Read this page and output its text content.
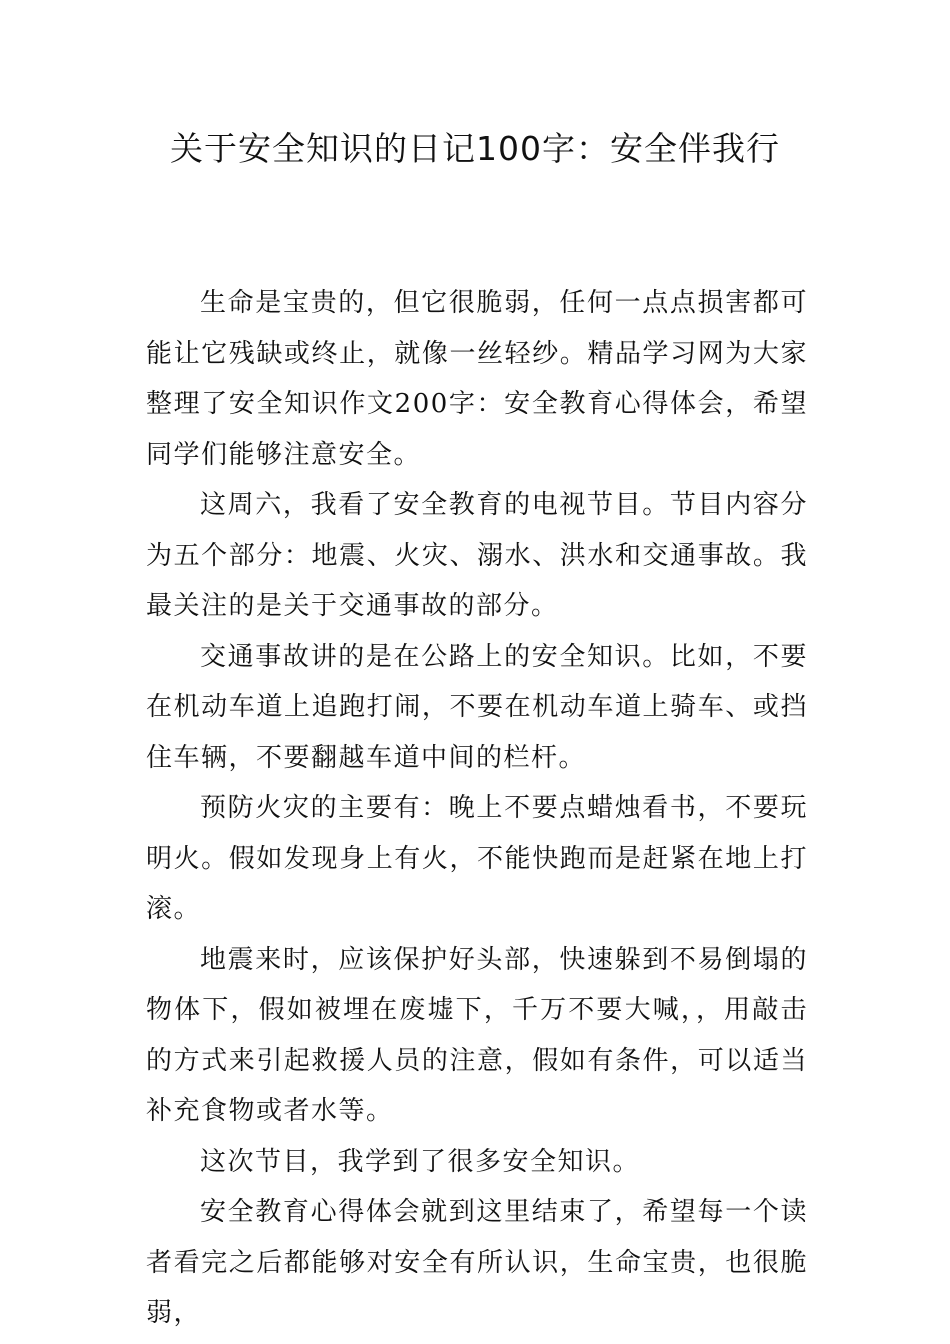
关于安全知识的日记100字：安全伴我行

生命是宝贵的，但它很脆弱，任何一点点损害都可能让它残缺或终止，就像一丝轻纱。精品学习网为大家整理了安全知识作文200字：安全教育心得体会，希望同学们能够注意安全。

这周六，我看了安全教育的电视节目。节目内容分为五个部分：地震、火灾、溺水、洪水和交通事故。我最关注的是关于交通事故的部分。

交通事故讲的是在公路上的安全知识。比如，不要在机动车道上追跑打闹，不要在机动车道上骑车、或挡住车辆，不要翻越车道中间的栏杆。

预防火灾的主要有：晚上不要点蜡烛看书，不要玩明火。假如发现身上有火，不能快跑而是赶紧在地上打滚。

地震来时，应该保护好头部，快速躲到不易倒塌的物体下，假如被埋在废墟下，千万不要大喊，，用敲击的方式来引起救援人员的注意，假如有条件，可以适当补充食物或者水等。

这次节目，我学到了很多安全知识。

安全教育心得体会就到这里结束了，希望每一个读者看完之后都能够对安全有所认识，生命宝贵，也很脆弱，
